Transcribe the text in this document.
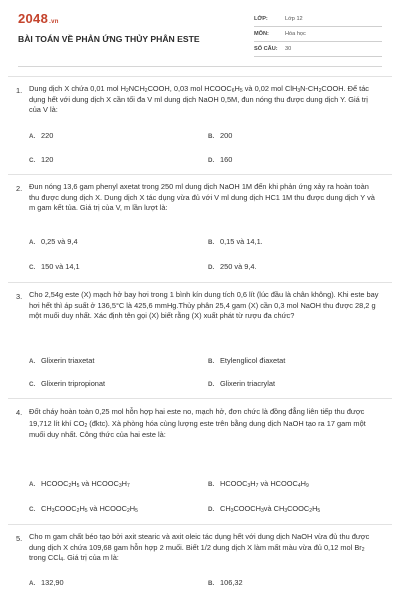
2048.vn
BÀI TOÁN VỀ PHẢN ỨNG THỦY PHÂN ESTE
LỚP:	Lớp 12
MÔN:	Hóa học
SỐ CÂU: 30
1. Dung dịch X chứa 0,01 mol $H_2NCH_2COOH$, 0,03 mol $HCOOC_6H_5$ và 0,02 mol $ClH_3N-CH_2COOH$. Để tác dụng hết với dung dịch X cần tối đa V ml dung dịch NaOH 0,5M, đun nóng thu được dung dịch Y. Giá trị của V là:
A. 220	B. 200
C. 120	D. 160
2. Đun nóng 13,6 gam phenyl axetat trong 250 ml dung dịch NaOH 1M đến khi phản ứng xảy ra hoàn toàn thu được dung dịch X. Dung dịch X tác dụng vừa đủ với V ml dung dịch HC1 1M thu được dung dịch Y và m gam kết tủa. Giá trị của V, m lần lượt là:
A. 0,25 và 9,4	B. 0,15 và 14,1.
C. 150 và 14,1	D. 250 và 9,4.
3. Cho 2,54g este (X) mạch hở bay hơi trong 1 bình kín dung tích 0,6 lít (lúc đầu là chân không). Khi este bay hơi hết thì áp suất ở 136,5°C là 425,6 mmHg.Thủy phân 25,4 gam (X) cần 0,3 mol NaOH thu được 28,2 g một muối duy nhất. Xác định tên gọi (X) biết rằng (X) xuất phát từ rượu đa chức?
A. Glixerin triaxetat	B. Etylenglicol điaxetat
C. Glixerin tripropionat	D. Glixerin triacrylat
4. Đốt cháy hoàn toàn 0,25 mol hỗn hợp hai este no, mạch hở, đơn chức là đồng đẳng liên tiếp thu được 19,712 lít khí $CO_2$ (đktc). Xà phòng hóa cùng lượng este trên bằng dung dịch NaOH tạo ra 17 gam một muối duy nhất. Công thức của hai este là:
A. $HCOOC_2H_5$ và $HCOOC_3H_7$	B. $HCOOC_3H_7$ và $HCOOC_4H_9$
C. $CH_3COOC_2H_5$ và $HCOOC_2H_5$	D. $CH_3COOCH_3và$ $CH_3COOC_2H_5$
5. Cho m gam chất béo tạo bởi axit stearic và axit oleic tác dụng hết với dung dịch NaOH vừa đủ thu được dung dịch X chứa 109,68 gam hỗn hợp 2 muối. Biết 1/2 dung dịch X làm mất màu vừa đủ 0,12 mol $Br_2$ trong CCl$_4$. Giá trị của m là:
A. 132,90	B. 106,32
